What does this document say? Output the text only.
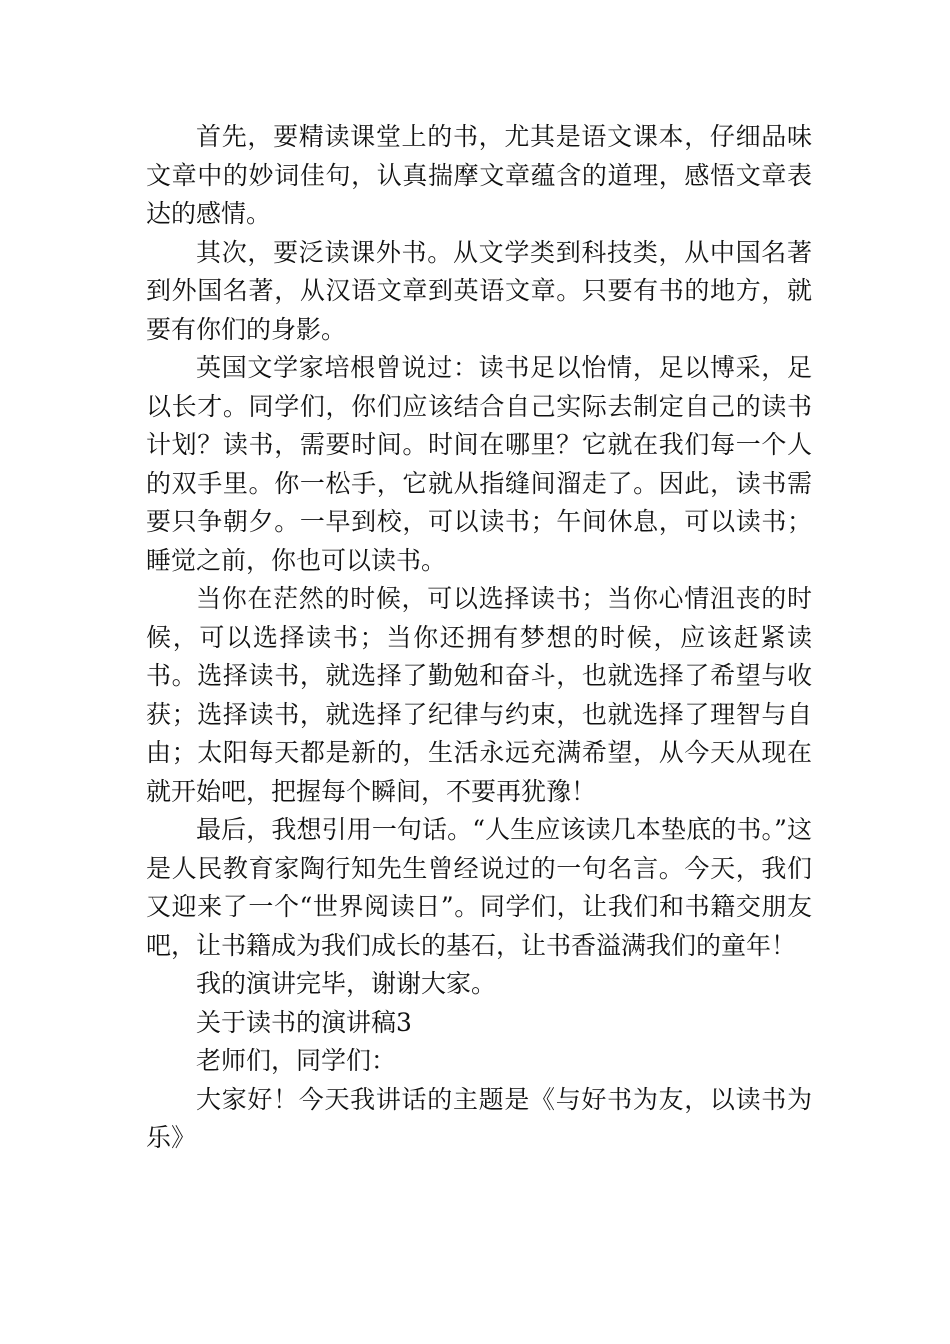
首先，要精读课堂上的书，尤其是语文课本，仔细品味文章中的妙词佳句，认真揣摩文章蕴含的道理，感悟文章表达的感情。

其次，要泛读课外书。从文学类到科技类，从中国名著到外国名著，从汉语文章到英语文章。只要有书的地方，就要有你们的身影。

英国文学家培根曾说过：读书足以怡情，足以博采，足以长才。同学们，你们应该结合自己实际去制定自己的读书计划？读书，需要时间。时间在哪里？它就在我们每一个人的双手里。你一松手，它就从指缝间溜走了。因此，读书需要只争朝夕。一早到校，可以读书；午间休息，可以读书；睡觉之前，你也可以读书。

当你在茫然的时候，可以选择读书；当你心情沮丧的时候，可以选择读书；当你还拥有梦想的时候，应该赶紧读书。选择读书，就选择了勤勉和奋斗，也就选择了希望与收获；选择读书，就选择了纪律与约束，也就选择了理智与自由；太阳每天都是新的，生活永远充满希望，从今天从现在就开始吧，把握每个瞬间，不要再犹豫！

最后，我想引用一句话。“人生应该读几本垫底的书。”这是人民教育家陶行知先生曾经说过的一句名言。今天，我们又迎来了一个“世界阅读日”。同学们，让我们和书籍交朋友吧，让书籍成为我们成长的基石，让书香溢满我们的童年！

我的演讲完毕，谢谢大家。

关于读书的演讲稿3

老师们，同学们：

大家好！今天我讲话的主题是《与好书为友，以读书为乐》
